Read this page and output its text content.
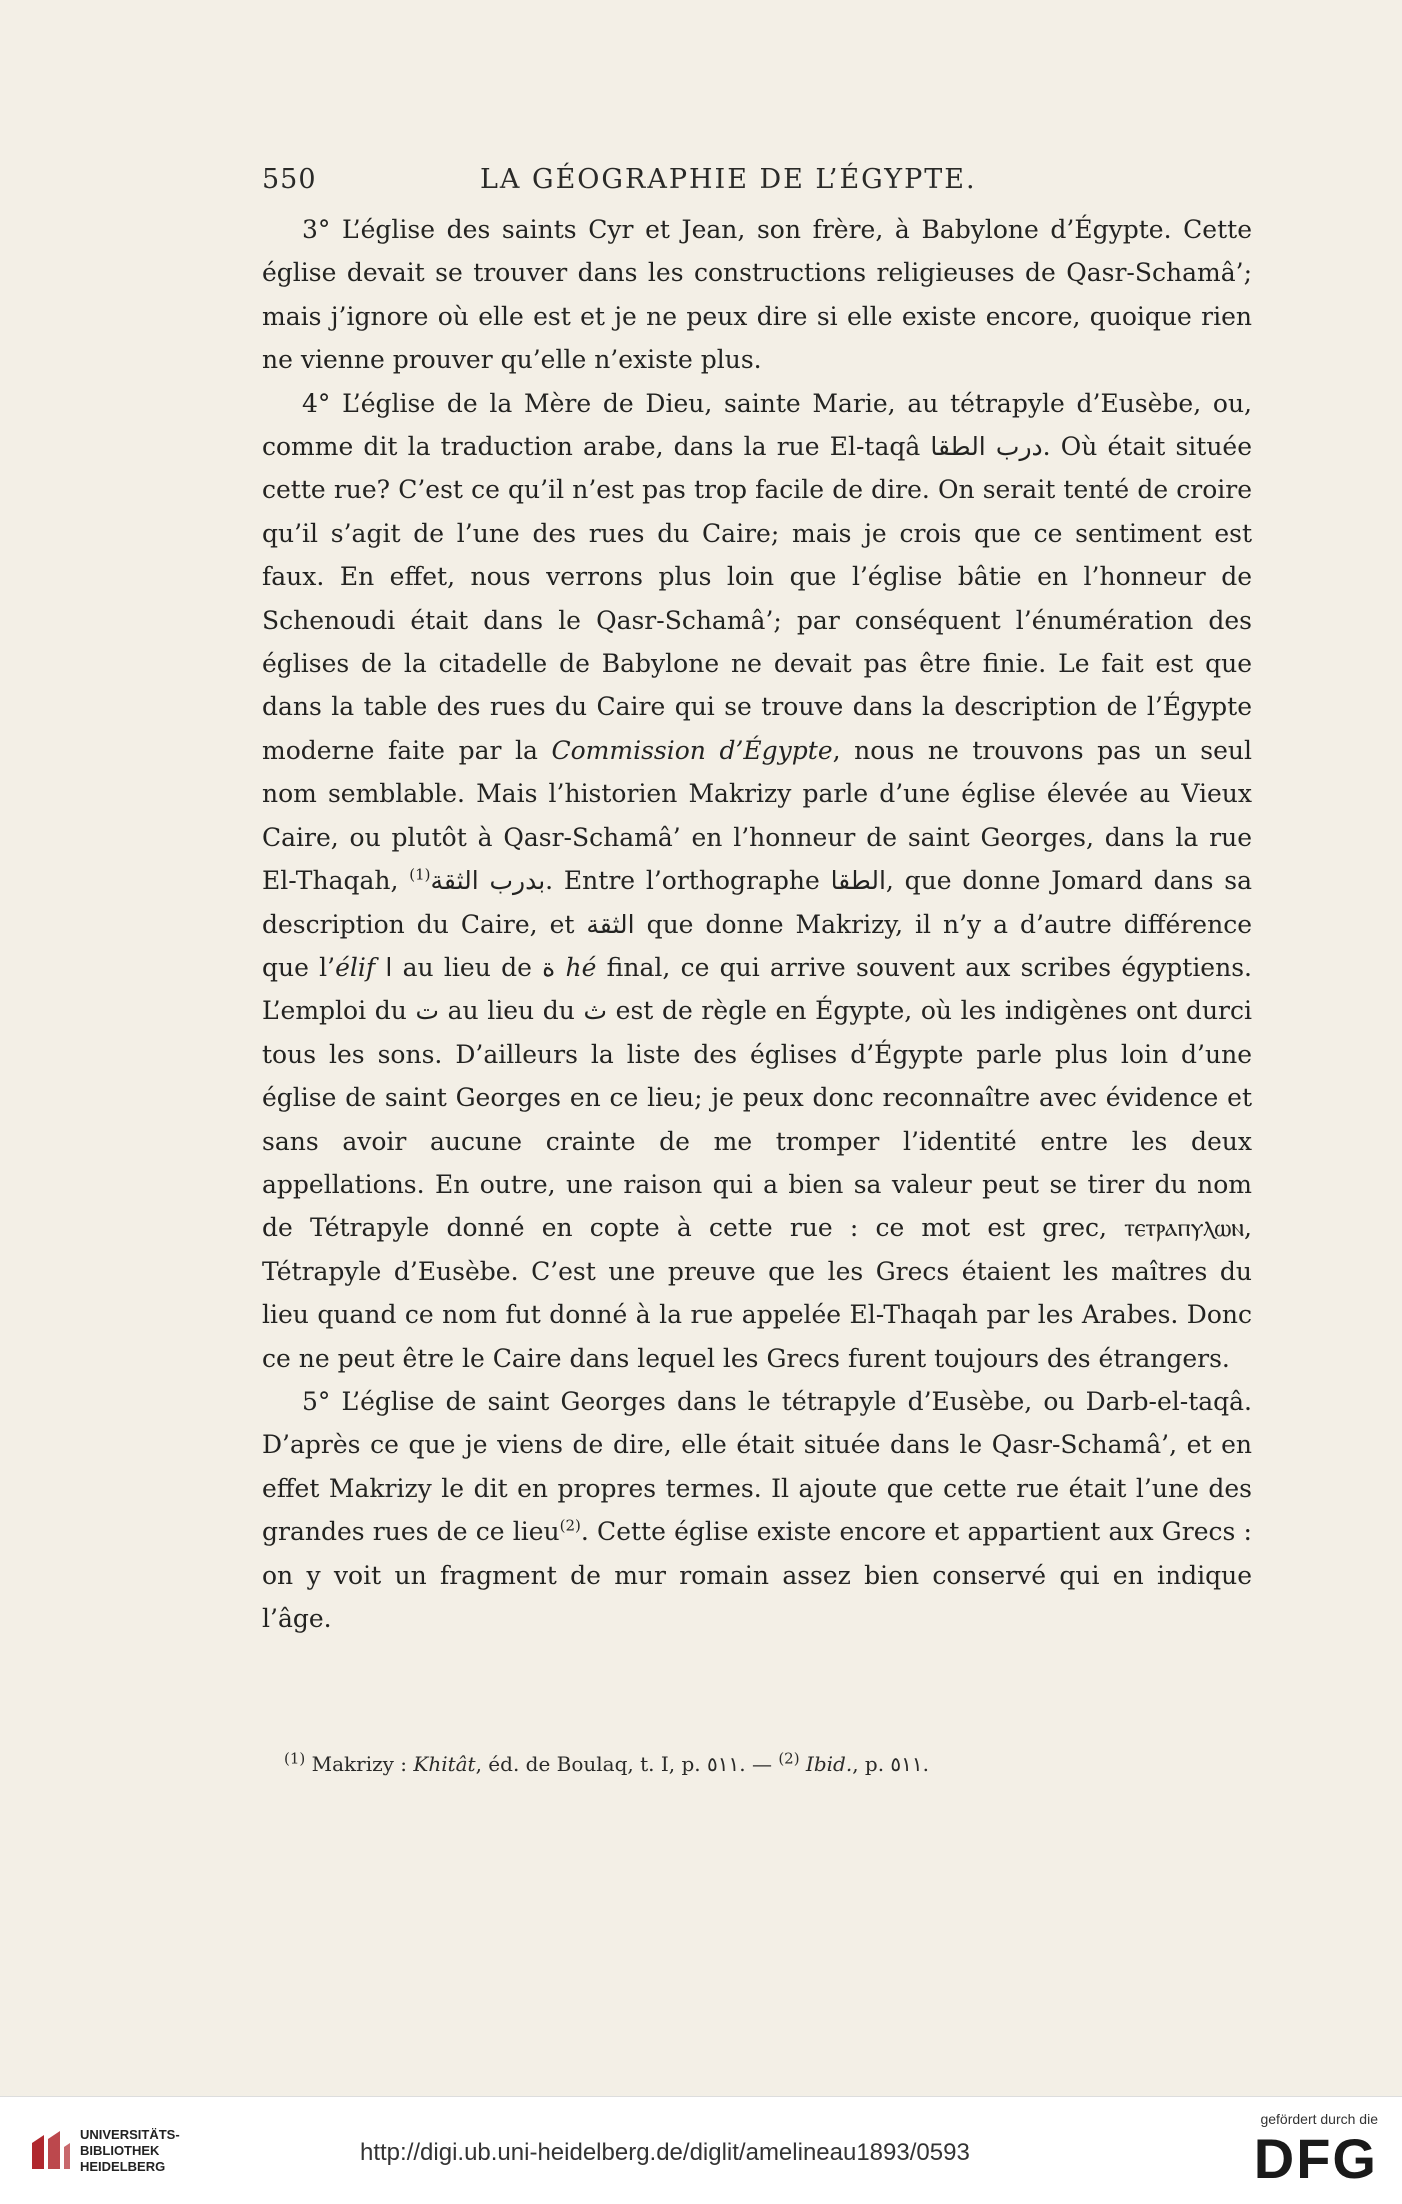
550	LA GÉOGRAPHIE DE L’ÉGYPTE.

3° L’église des saints Cyr et Jean, son frère, à Babylone d’Égypte. Cette église devait se trouver dans les constructions religieuses de Qasr-Schamâ’; mais j’ignore où elle est et je ne peux dire si elle existe encore, quoique rien ne vienne prouver qu’elle n’existe plus.

4° L’église de la Mère de Dieu, sainte Marie, au tétrapyle d’Eusèbe, ou, comme dit la traduction arabe, dans la rue El-taqâ درب الطقا. Où était située cette rue? C’est ce qu’il n’est pas trop facile de dire. On serait tenté de croire qu’il s’agit de l’une des rues du Caire; mais je crois que ce sentiment est faux. En effet, nous verrons plus loin que l’église bâtie en l’honneur de Schenoudi était dans le Qasr-Schamâ’; par conséquent l’énumération des églises de la citadelle de Babylone ne devait pas être finie. Le fait est que dans la table des rues du Caire qui se trouve dans la description de l’Égypte moderne faite par la Commission d’Égypte, nous ne trouvons pas un seul nom semblable. Mais l’historien Makrizy parle d’une église élevée au Vieux Caire, ou plutôt à Qasr-Schamâ’ en l’honneur de saint Georges, dans la rue El-Thaqah, بدرب الثقة$^{(1)}$	. Entre l’orthographe الطقا, que donne Jomard dans sa description du Caire, et الثقة que donne Makrizy, il n’y a d’autre différence que l’élif ا au lieu de ة hé final, ce qui arrive souvent aux scribes égyptiens. L’emploi du ت au lieu du ث est de règle en Égypte, où les indigènes ont durci tous les sons. D’ailleurs la liste des églises d’Égypte parle plus loin d’une église de saint Georges en ce lieu; je peux donc reconnaître avec évidence et sans avoir aucune crainte de me tromper l’identité entre les deux appellations. En outre, une raison qui a bien sa valeur peut se tirer du nom de Tétrapyle donné en copte à cette rue : ce mot est grec, ⲧⲉⲧⲣⲁⲡⲩⲗⲱⲛ, Tétrapyle d’Eusèbe. C’est une preuve que les Grecs étaient les maîtres du lieu quand ce nom fut donné à la rue appelée El-Thaqah par les Arabes. Donc ce ne peut être le Caire dans lequel les Grecs furent toujours des étrangers.

5° L’église de saint Georges dans le tétrapyle d’Eusèbe, ou Darb-el-taqâ. D’après ce que je viens de dire, elle était située dans le Qasr-Schamâ’, et en effet Makrizy le dit en propres termes. Il ajoute que cette rue était l’une des grandes rues de ce lieu$^{(2)}$. Cette église existe encore et appartient aux Grecs : on y voit un fragment de mur romain assez bien conservé qui en indique l’âge.

$^{(1)}$ Makrizy : Khitât, éd. de Boulaq, t. I, p. ٥١١. — $^{(2)}$ Ibid., p. ٥١١.
UNIVERSITÄTS-
BIBLIOTHEK
HEIDELBERG
http://digi.ub.uni-heidelberg.de/diglit/amelineau1893/0593
gefördert durch die
DFG
